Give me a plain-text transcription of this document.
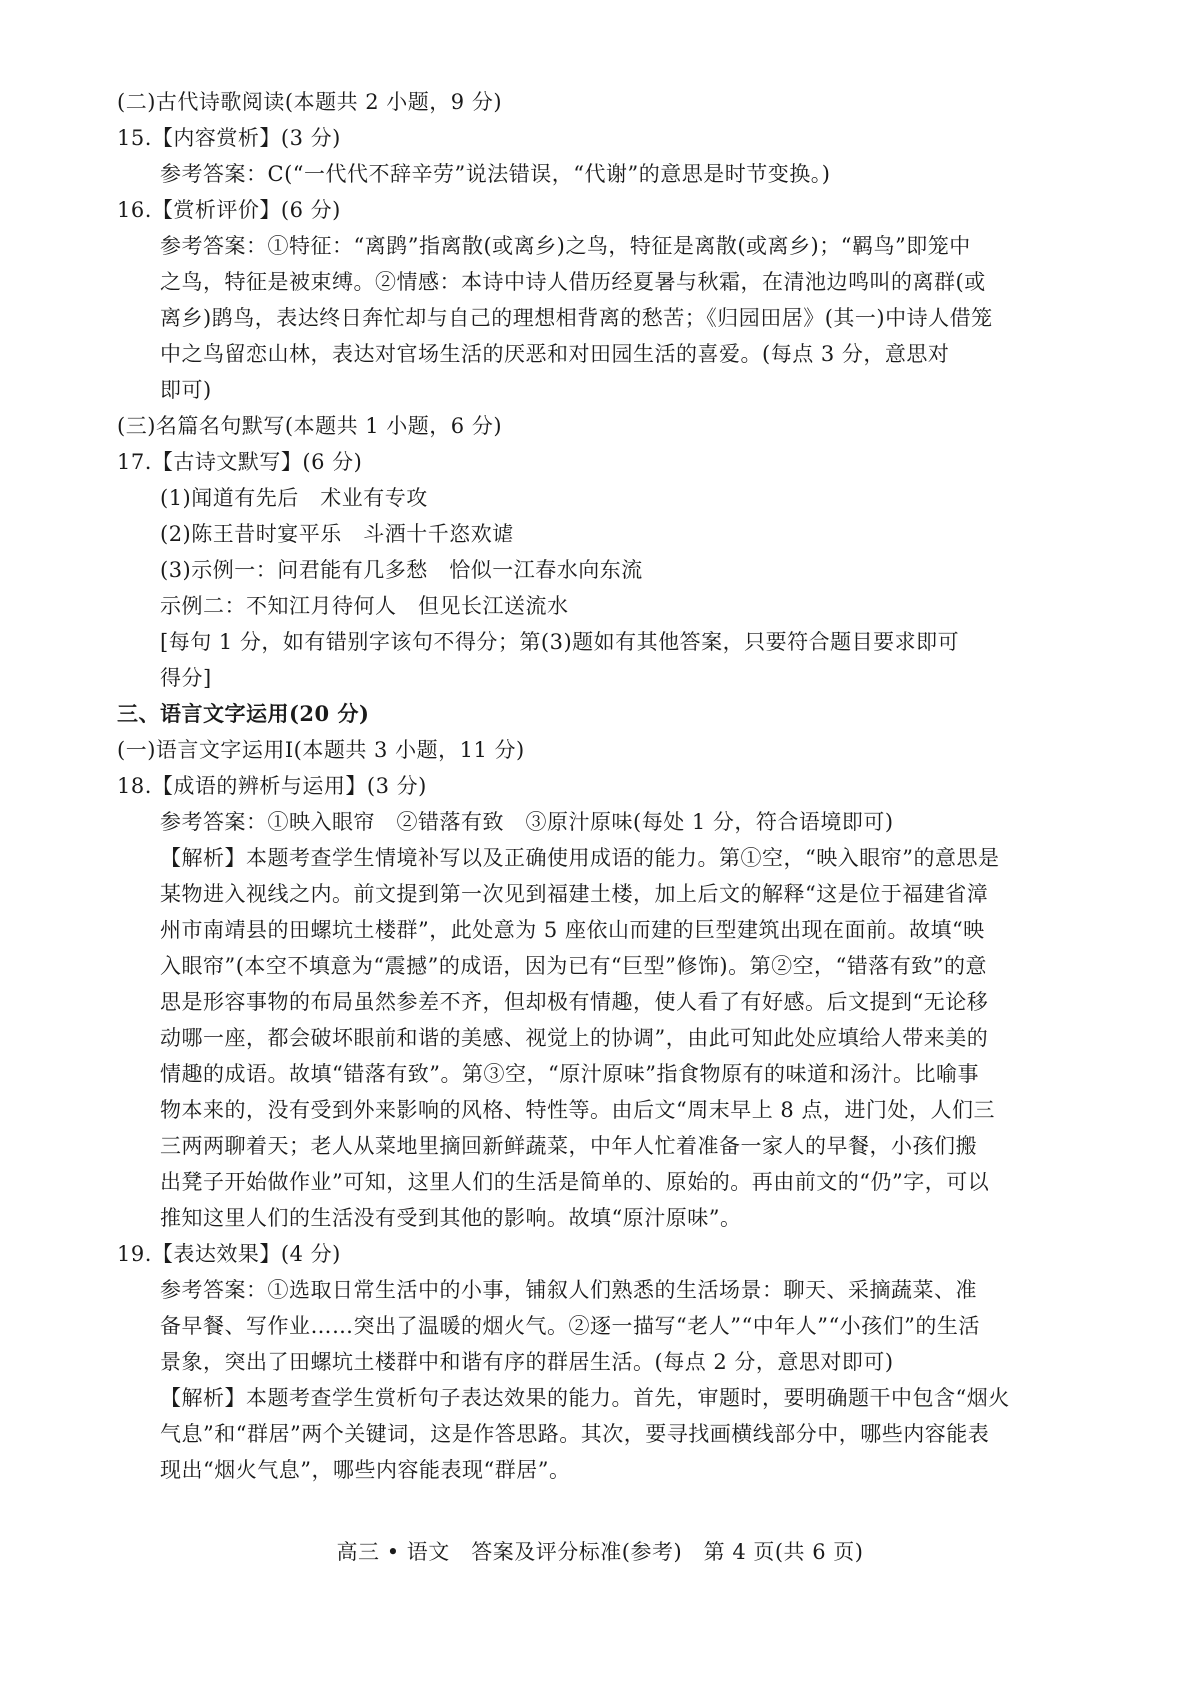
(二)古代诗歌阅读(本题共 2 小题，9 分)
15.【内容赏析】(3 分)
参考答案：C(“一代代不辞辛劳”说法错误，“代谢”的意思是时节变换。)
16.【赏析评价】(6 分)
参考答案：①特征：“离鹍”指离散(或离乡)之鸟，特征是离散(或离乡)；“羁鸟”即笼中
之鸟，特征是被束缚。②情感：本诗中诗人借历经夏暑与秋霜，在清池边鸣叫的离群(或
离乡)鹍鸟，表达终日奔忙却与自己的理想相背离的愁苦；《归园田居》(其一)中诗人借笼
中之鸟留恋山林，表达对官场生活的厌恶和对田园生活的喜爱。(每点 3 分，意思对
即可)
(三)名篇名句默写(本题共 1 小题，6 分)
17.【古诗文默写】(6 分)
(1)闻道有先后　术业有专攻
(2)陈王昔时宴平乐　斗酒十千恣欢谑
(3)示例一：问君能有几多愁　恰似一江春水向东流
示例二：不知江月待何人　但见长江送流水
[每句 1 分，如有错别字该句不得分；第(3)题如有其他答案，只要符合题目要求即可
得分]
三、语言文字运用(20 分)
(一)语言文字运用Ⅰ(本题共 3 小题，11 分)
18.【成语的辨析与运用】(3 分)
参考答案：①映入眼帘　②错落有致　③原汁原味(每处 1 分，符合语境即可)
【解析】本题考查学生情境补写以及正确使用成语的能力。第①空，“映入眼帘”的意思是
某物进入视线之内。前文提到第一次见到福建土楼，加上后文的解释“这是位于福建省漳
州市南靖县的田螺坑土楼群”，此处意为 5 座依山而建的巨型建筑出现在面前。故填“映
入眼帘”(本空不填意为“震撼”的成语，因为已有“巨型”修饰)。第②空，“错落有致”的意
思是形容事物的布局虽然参差不齐，但却极有情趣，使人看了有好感。后文提到“无论移
动哪一座，都会破坏眼前和谐的美感、视觉上的协调”，由此可知此处应填给人带来美的
情趣的成语。故填“错落有致”。第③空，“原汁原味”指食物原有的味道和汤汁。比喻事
物本来的，没有受到外来影响的风格、特性等。由后文“周末早上 8 点，进门处，人们三
三两两聊着天；老人从菜地里摘回新鲜蔬菜，中年人忙着准备一家人的早餐，小孩们搬
出凳子开始做作业”可知，这里人们的生活是简单的、原始的。再由前文的“仍”字，可以
推知这里人们的生活没有受到其他的影响。故填“原汁原味”。
19.【表达效果】(4 分)
参考答案：①选取日常生活中的小事，铺叙人们熟悉的生活场景：聊天、采摘蔬菜、准
备早餐、写作业……突出了温暖的烟火气。②逐一描写“老人”“中年人”“小孩们”的生活
景象，突出了田螺坑土楼群中和谐有序的群居生活。(每点 2 分，意思对即可)
【解析】本题考查学生赏析句子表达效果的能力。首先，审题时，要明确题干中包含“烟火
气息”和“群居”两个关键词，这是作答思路。其次，要寻找画横线部分中，哪些内容能表
现出“烟火气息”，哪些内容能表现“群居”。
高三 • 语文　答案及评分标准(参考)　第 4 页(共 6 页)
